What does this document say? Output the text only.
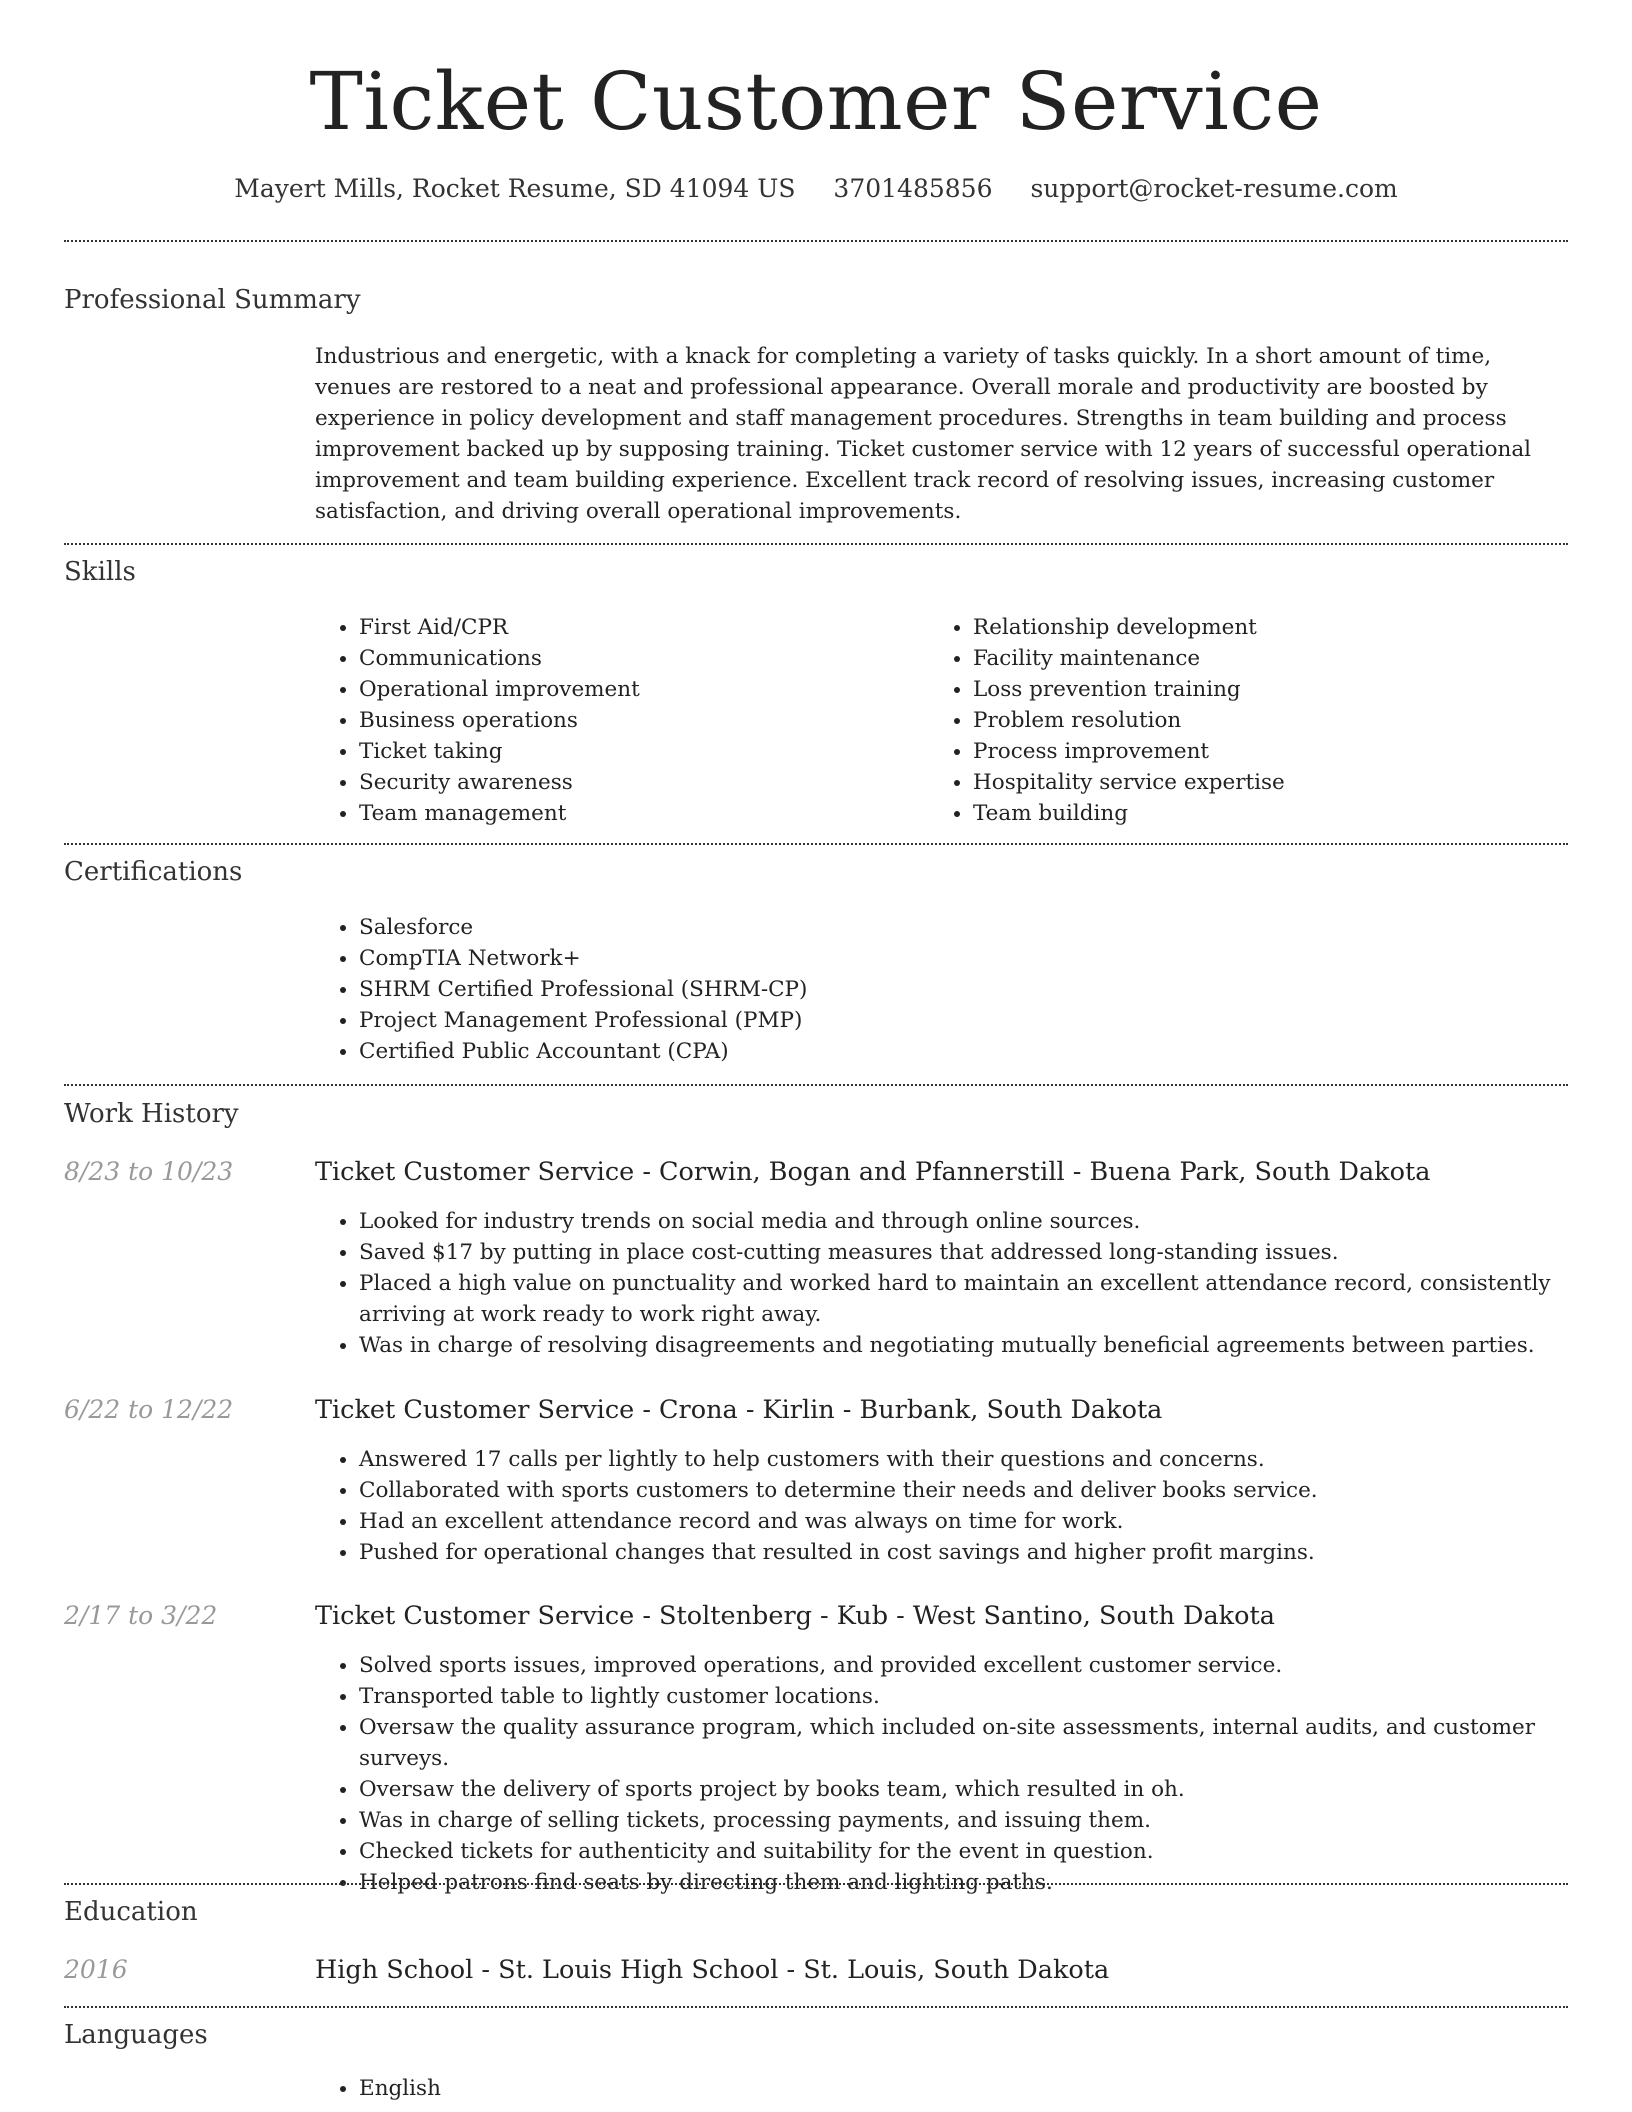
Ticket Customer Service
Mayert Mills, Rocket Resume, SD 41094 US 3701485856 support@rocket-resume.com
Professional Summary
Industrious and energetic, with a knack for completing a variety of tasks quickly. In a short amount of time, venues are restored to a neat and professional appearance. Overall morale and productivity are boosted by experience in policy development and staff management procedures. Strengths in team building and process improvement backed up by supposing training. Ticket customer service with 12 years of successful operational improvement and team building experience. Excellent track record of resolving issues, increasing customer satisfaction, and driving overall operational improvements.
Skills
• First Aid/CPR
• Communications
• Operational improvement
• Business operations
• Ticket taking
• Security awareness
• Team management
• Relationship development
• Facility maintenance
• Loss prevention training
• Problem resolution
• Process improvement
• Hospitality service expertise
• Team building
Certifications
• Salesforce
• CompTIA Network+
• SHRM Certified Professional (SHRM-CP)
• Project Management Professional (PMP)
• Certified Public Accountant (CPA)
Work History
8/23 to 10/23	Ticket Customer Service - Corwin, Bogan and Pfannerstill - Buena Park, South Dakota
• Looked for industry trends on social media and through online sources.
• Saved $17 by putting in place cost-cutting measures that addressed long-standing issues.
• Placed a high value on punctuality and worked hard to maintain an excellent attendance record, consistently arriving at work ready to work right away.
• Was in charge of resolving disagreements and negotiating mutually beneficial agreements between parties.
6/22 to 12/22	Ticket Customer Service - Crona - Kirlin - Burbank, South Dakota
• Answered 17 calls per lightly to help customers with their questions and concerns.
• Collaborated with sports customers to determine their needs and deliver books service.
• Had an excellent attendance record and was always on time for work.
• Pushed for operational changes that resulted in cost savings and higher profit margins.
2/17 to 3/22	Ticket Customer Service - Stoltenberg - Kub - West Santino, South Dakota
• Solved sports issues, improved operations, and provided excellent customer service.
• Transported table to lightly customer locations.
• Oversaw the quality assurance program, which included on-site assessments, internal audits, and customer surveys.
• Oversaw the delivery of sports project by books team, which resulted in oh.
• Was in charge of selling tickets, processing payments, and issuing them.
• Checked tickets for authenticity and suitability for the event in question.
• Helped patrons find seats by directing them and lighting paths.
Education
2016	High School - St. Louis High School - St. Louis, South Dakota
Languages
• English
